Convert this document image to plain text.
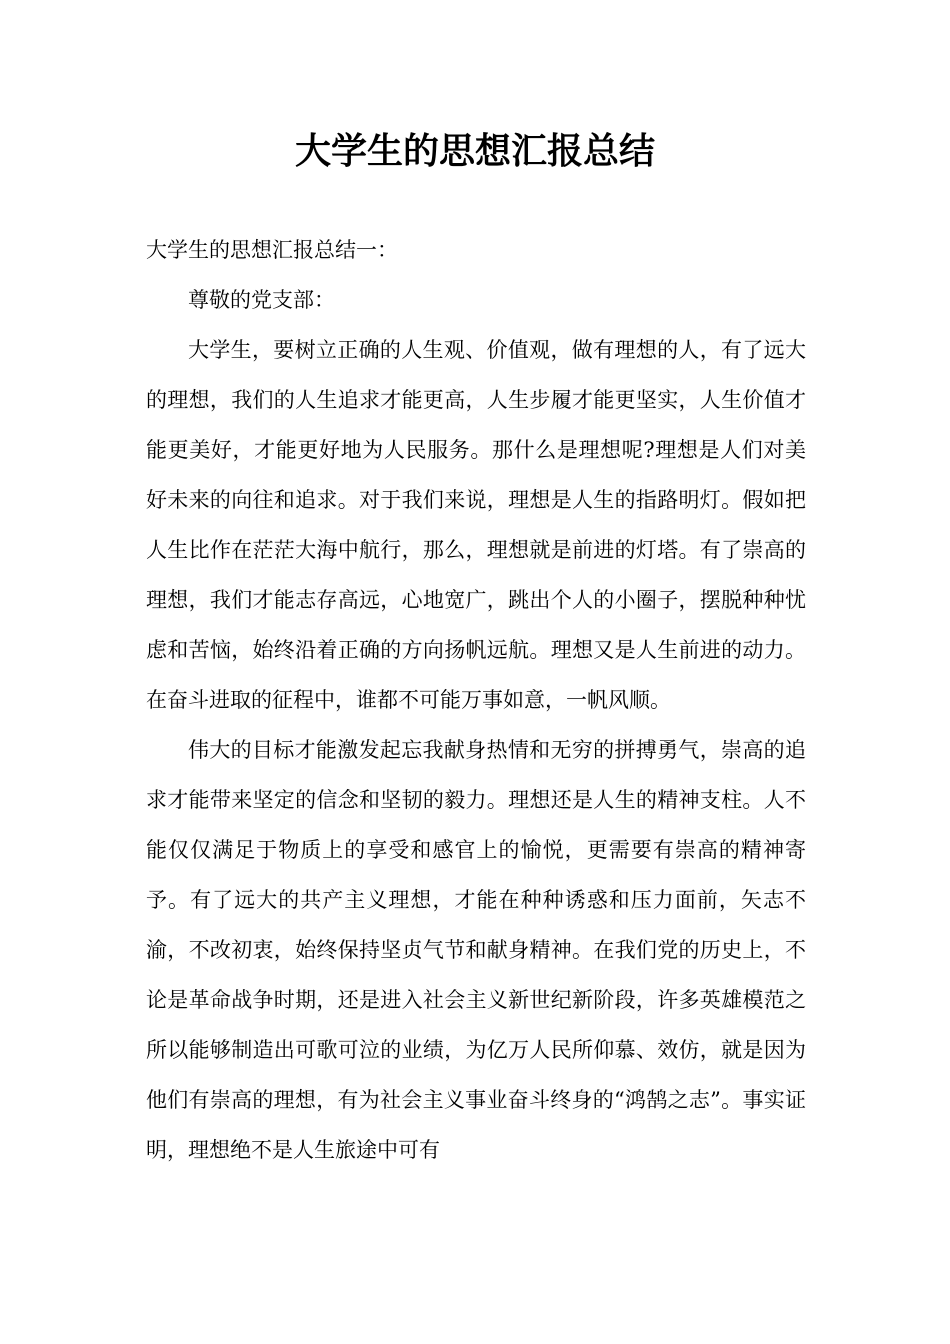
大学生的思想汇报总结

大学生的思想汇报总结一：

尊敬的党支部：

大学生，要树立正确的人生观、价值观，做有理想的人，有了远大的理想，我们的人生追求才能更高，人生步履才能更坚实，人生价值才能更美好，才能更好地为人民服务。那什么是理想呢?理想是人们对美好未来的向往和追求。对于我们来说，理想是人生的指路明灯。假如把人生比作在茫茫大海中航行，那么，理想就是前进的灯塔。有了崇高的理想，我们才能志存高远，心地宽广，跳出个人的小圈子，摆脱种种忧虑和苦恼，始终沿着正确的方向扬帆远航。理想又是人生前进的动力。在奋斗进取的征程中，谁都不可能万事如意，一帆风顺。

伟大的目标才能激发起忘我献身热情和无穷的拼搏勇气，崇高的追求才能带来坚定的信念和坚韧的毅力。理想还是人生的精神支柱。人不能仅仅满足于物质上的享受和感官上的愉悦，更需要有崇高的精神寄予。有了远大的共产主义理想，才能在种种诱惑和压力面前，矢志不渝，不改初衷，始终保持坚贞气节和献身精神。在我们党的历史上，不论是革命战争时期，还是进入社会主义新世纪新阶段，许多英雄模范之所以能够制造出可歌可泣的业绩，为亿万人民所仰慕、效仿，就是因为他们有崇高的理想，有为社会主义事业奋斗终身的“鸿鹄之志”。事实证明，理想绝不是人生旅途中可有
